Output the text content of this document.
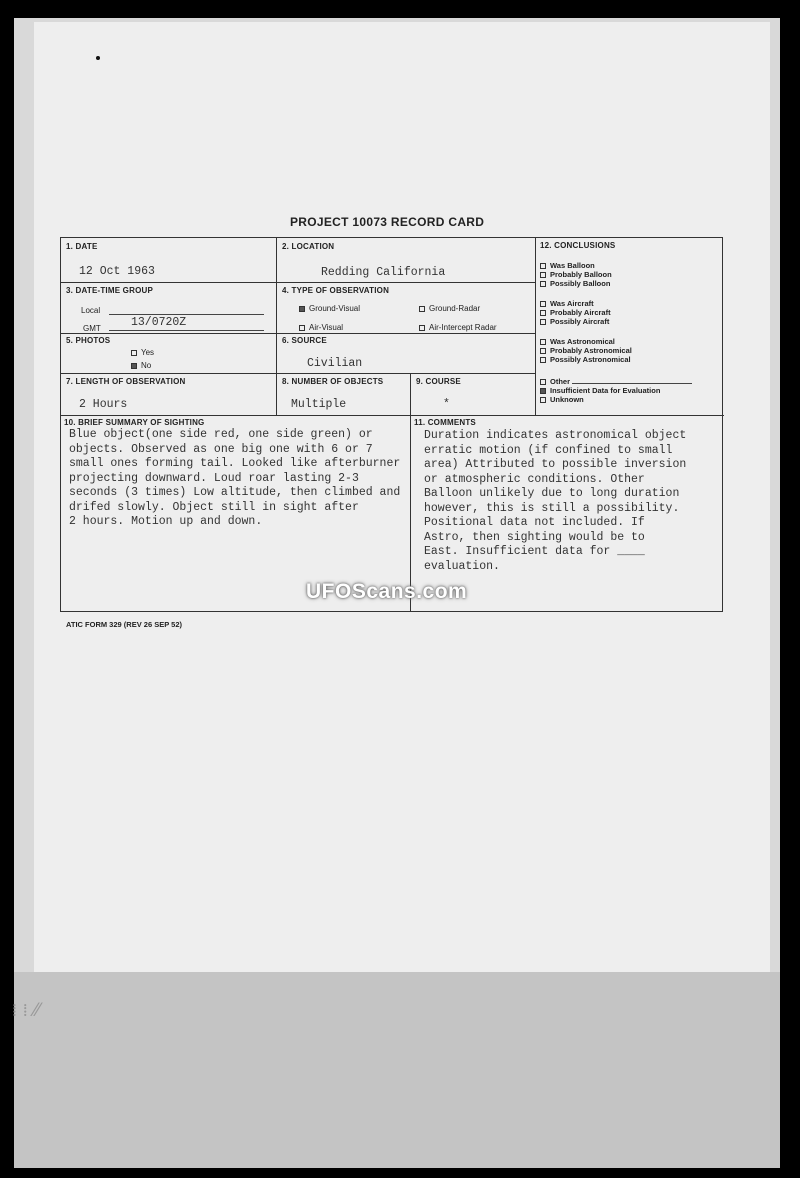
⁞ ⁞ ⁄⁄
PROJECT 10073 RECORD CARD
1. DATE
12 Oct 1963
2. LOCATION
Redding California
3. DATE-TIME GROUP
Local
GMT	13/0720Z
4. TYPE OF OBSERVATION
Ground-Visual	Ground-Radar
Air-Visual	Air-Intercept Radar
5. PHOTOS
Yes
No
6. SOURCE
Civilian
7. LENGTH OF OBSERVATION
2 Hours
8. NUMBER OF OBJECTS
Multiple
9. COURSE
*
10. BRIEF SUMMARY OF SIGHTING
Blue object(one side red, one side green) or
objects. Observed as one big one with 6 or 7
small ones forming tail. Looked like afterburner
projecting downward. Loud roar lasting 2-3
seconds (3 times) Low altitude, then climbed and
drifed slowly. Object still in sight after
2 hours. Motion up and down.
11. COMMENTS
Duration indicates astronomical object
erratic motion (if confined to small
area) Attributed to possible inversion
or atmospheric conditions. Other
Balloon unlikely due to long duration
however, this is still a possibility.
Positional data not included. If
Astro, then sighting would be to
East. Insufficient data for ____
evaluation.
12. CONCLUSIONS
Was Balloon
Probably Balloon
Possibly Balloon
Was Aircraft
Probably Aircraft
Possibly Aircraft
Was Astronomical
Probably Astronomical
Possibly Astronomical
Other
Insufficient Data for Evaluation
Unknown
UFOScans.com
ATIC FORM 329 (REV 26 SEP 52)
